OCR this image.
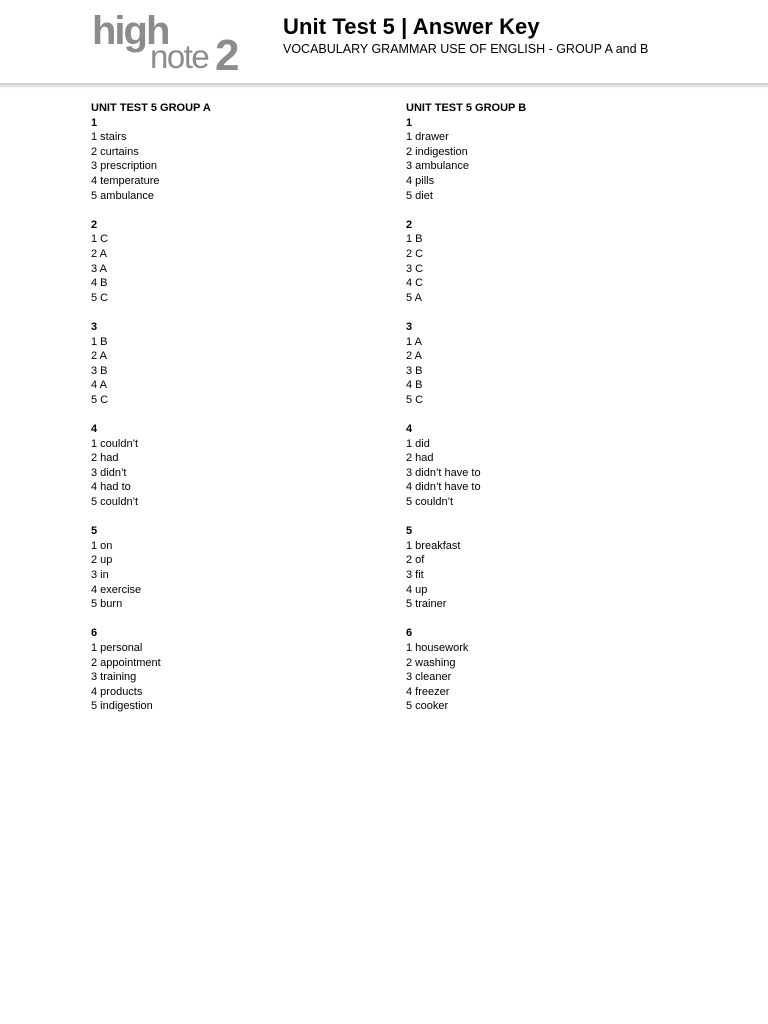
high
note 2
Unit Test 5 | Answer Key
VOCABULARY GRAMMAR USE OF ENGLISH - GROUP A and B
UNIT TEST 5 GROUP A
1
1 stairs
2 curtains
3 prescription
4 temperature
5 ambulance
2
1 C
2 A
3 A
4 B
5 C
3
1 B
2 A
3 B
4 A
5 C
4
1 couldn’t
2 had
3 didn’t
4 had to
5 couldn’t
5
1 on
2 up
3 in
4 exercise
5 burn
6
1 personal
2 appointment
3 training
4 products
5 indigestion
UNIT TEST 5 GROUP B
1
1 drawer
2 indigestion
3 ambulance
4 pills
5 diet
2
1 B
2 C
3 C
4 C
5 A
3
1 A
2 A
3 B
4 B
5 C
4
1 did
2 had
3 didn’t have to
4 didn’t have to
5 couldn’t
5
1 breakfast
2 of
3 fit
4 up
5 trainer
6
1 housework
2 washing
3 cleaner
4 freezer
5 cooker
